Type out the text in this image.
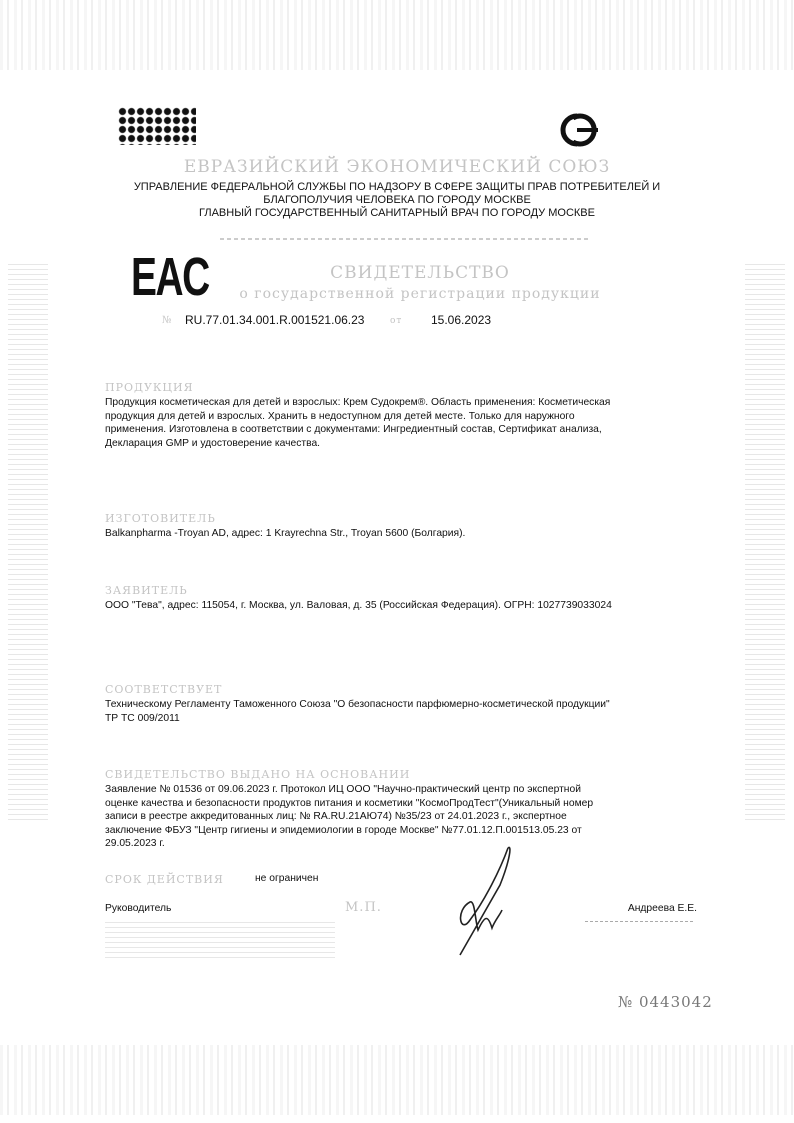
ЕВРАЗИЙСКИЙ ЭКОНОМИЧЕСКИЙ СОЮЗ
УПРАВЛЕНИЕ ФЕДЕРАЛЬНОЙ СЛУЖБЫ ПО НАДЗОРУ В СФЕРЕ ЗАЩИТЫ ПРАВ ПОТРЕБИТЕЛЕЙ И
БЛАГОПОЛУЧИЯ ЧЕЛОВЕКА ПО ГОРОДУ МОСКВЕ
ГЛАВНЫЙ ГОСУДАРСТВЕННЫЙ САНИТАРНЫЙ ВРАЧ ПО ГОРОДУ МОСКВЕ
EAC	СВИДЕТЕЛЬСТВО
о государственной регистрации продукции
№ RU.77.01.34.001.R.001521.06.23	от 15.06.2023
ПРОДУКЦИЯ
Продукция косметическая для детей и взрослых: Крем Судокрем®. Область применения: Косметическая
продукция для детей и взрослых. Хранить в недоступном для детей месте. Только для наружного
применения. Изготовлена в соответствии с документами: Ингредиентный состав, Сертификат анализа,
Декларация GMP и удостоверение качества.
ИЗГОТОВИТЕЛЬ
Balkanpharma -Troyan AD, адрес: 1 Krayrechna Str., Troyan 5600 (Болгария).
ЗАЯВИТЕЛЬ
ООО "Тева", адрес: 115054, г. Москва, ул. Валовая, д. 35 (Российская Федерация). ОГРН: 1027739033024
СООТВЕТСТВУЕТ
Техническому Регламенту Таможенного Союза "О безопасности парфюмерно-косметической продукции"
ТР ТС 009/2011
СВИДЕТЕЛЬСТВО ВЫДАНО НА ОСНОВАНИИ
Заявление № 01536 от 09.06.2023 г. Протокол ИЦ ООО "Научно-практический центр по экспертной
оценке качества и безопасности продуктов питания и косметики "КосмоПродТест"(Уникальный номер
записи в реестре аккредитованных лиц: № RA.RU.21АЮ74) №35/23 от 24.01.2023 г., экспертное
заключение ФБУЗ "Центр гигиены и эпидемиологии в городе Москве" №77.01.12.П.001513.05.23 от
29.05.2023 г.
СРОК ДЕЙСТВИЯ	не ограничен
Руководитель	М.П.	Андреева Е.Е.
№ 0443042
